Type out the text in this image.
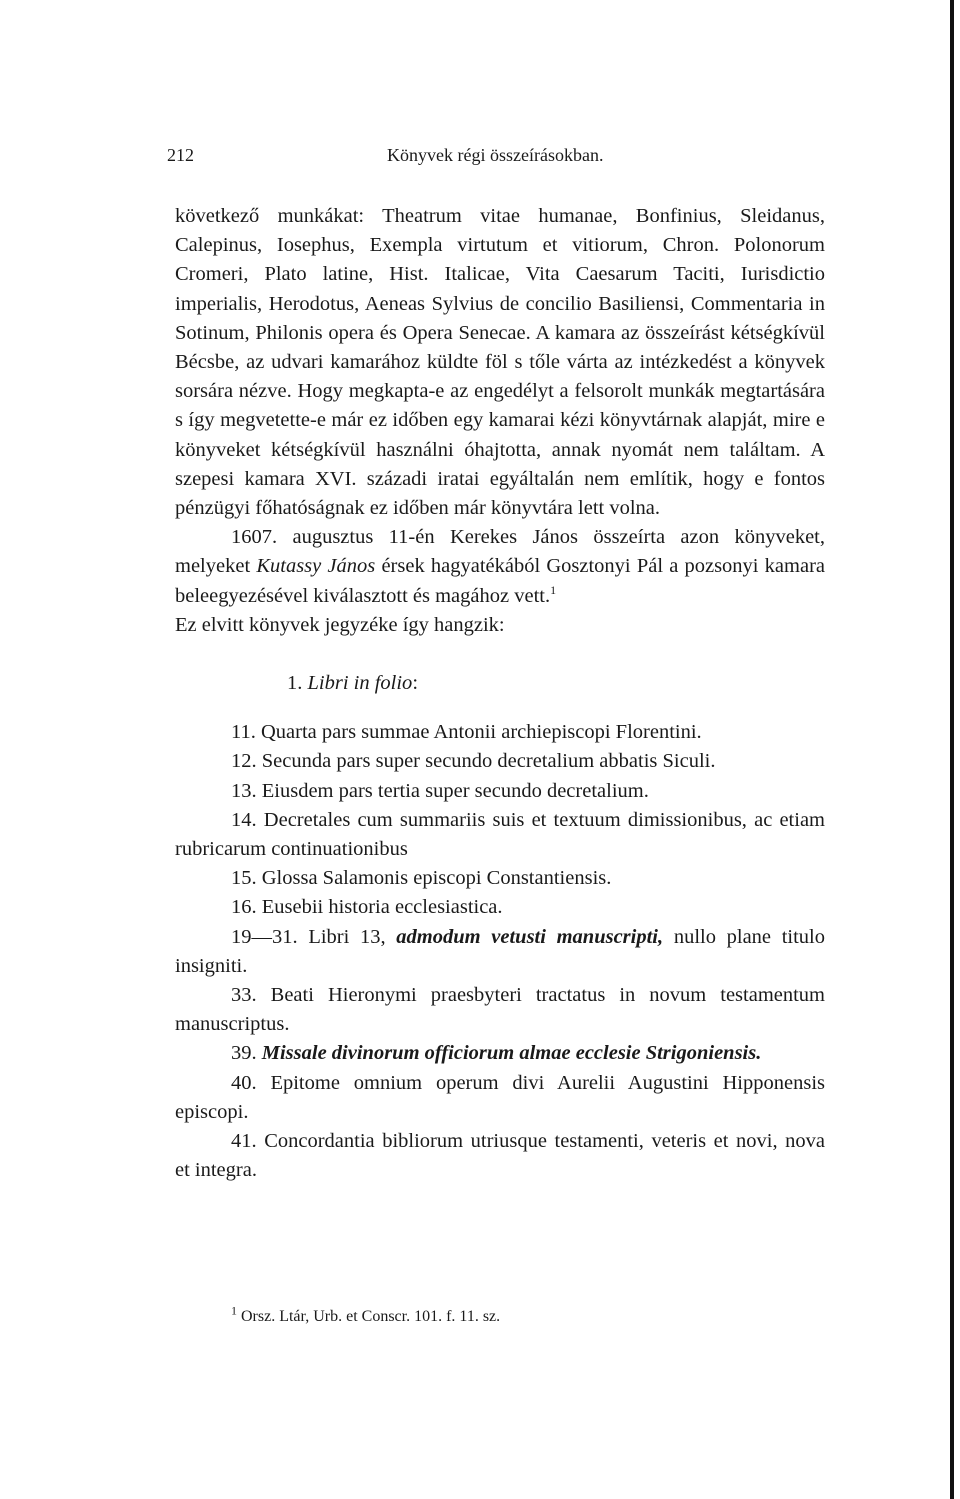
212	Könyvek régi összeírásokban.

következő munkákat: Theatrum vitae humanae, Bonfinius, Sleidanus, Calepinus, Iosephus, Exempla virtutum et vitiorum, Chron. Polonorum Cromeri, Plato latine, Hist. Italicae, Vita Caesarum Taciti, Iurisdictio imperialis, Herodotus, Aeneas Sylvius de concilio Basiliensi, Commentaria in Sotinum, Philonis opera és Opera Senecae. A kamara az összeírást kétségkívül Bécsbe, az udvari kamarához küldte föl s tőle várta az intézkedést a könyvek sorsára nézve. Hogy megkapta-e az engedélyt a felsorolt munkák megtartására s így megvetette-e már ez időben egy kamarai kézi könyvtárnak alapját, mire e könyveket kétségkívül használni óhajtotta, annak nyomát nem találtam. A szepesi kamara XVI. századi iratai egyáltalán nem említik, hogy e fontos pénzügyi főhatóságnak ez időben már könyvtára lett volna.

1607. augusztus 11-én Kerekes János összeírta azon könyveket, melyeket Kutassy János érsek hagyatékából Gosztonyi Pál a pozsonyi kamara beleegyezésével kiválasztott és magához vett.$^1$

Ez elvitt könyvek jegyzéke így hangzik:

1. Libri in folio:

11. Quarta pars summae Antonii archiepiscopi Florentini.

12. Secunda pars super secundo decretalium abbatis Siculi.

13. Eiusdem pars tertia super secundo decretalium.

14. Decretales cum summariis suis et textuum dimissionibus, ac etiam rubricarum continuationibus

15. Glossa Salamonis episcopi Constantiensis.

16. Eusebii historia ecclesiastica.

19—31. Libri 13, admodum vetusti manuscripti, nullo plane titulo insigniti.

33. Beati Hieronymi praesbyteri tractatus in novum testamentum manuscriptus.

39. Missale divinorum officiorum almae ecclesie Strigoniensis.

40. Epitome omnium operum divi Aurelii Augustini Hipponensis episcopi.

41. Concordantia bibliorum utriusque testamenti, veteris et novi, nova et integra.

$^1$ Orsz. Ltár, Urb. et Conscr. 101. f. 11. sz.
